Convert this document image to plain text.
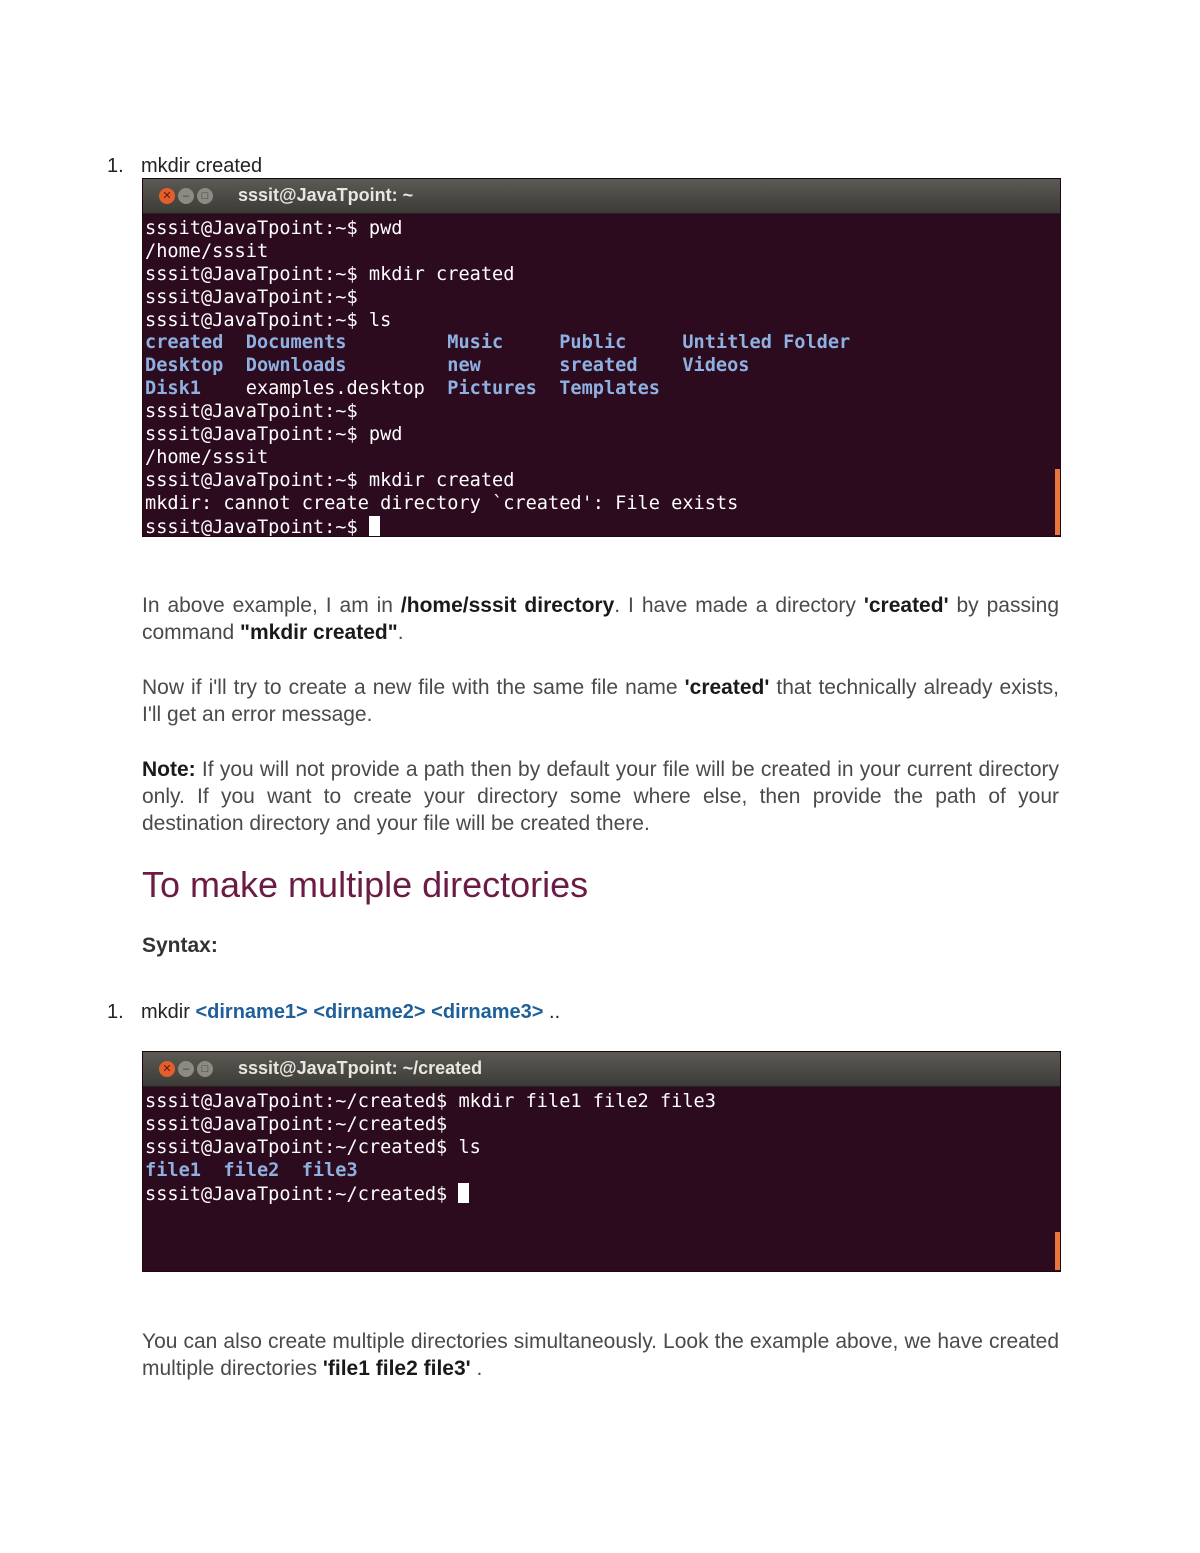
1. mkdir created
✕	–	□ sssit@JavaTpoint: ~
sssit@JavaTpoint:~$ pwd
/home/sssit
sssit@JavaTpoint:~$ mkdir created
sssit@JavaTpoint:~$
sssit@JavaTpoint:~$ ls
created  Documents         Music     Public     Untitled Folder
Desktop  Downloads         new       sreated    Videos
Disk1    examples.desktop  Pictures  Templates
sssit@JavaTpoint:~$
sssit@JavaTpoint:~$ pwd
/home/sssit
sssit@JavaTpoint:~$ mkdir created
mkdir: cannot create directory `created': File exists
sssit@JavaTpoint:~$
In above example, I am in /home/sssit directory. I have made a directory 'created' by passing command "mkdir created".
Now if i'll try to create a new file with the same file name 'created' that technically already exists, I'll get an error message.
Note: If you will not provide a path then by default your file will be created in your current directory only. If you want to create your directory some where else, then provide the path of your destination directory and your file will be created there.
To make multiple directories
Syntax:
1. mkdir <dirname1> <dirname2> <dirname3> ..
✕	–	□ sssit@JavaTpoint: ~/created
sssit@JavaTpoint:~/created$ mkdir file1 file2 file3
sssit@JavaTpoint:~/created$
sssit@JavaTpoint:~/created$ ls
file1  file2  file3
sssit@JavaTpoint:~/created$
You can also create multiple directories simultaneously. Look the example above, we have created multiple directories 'file1 file2 file3' .
